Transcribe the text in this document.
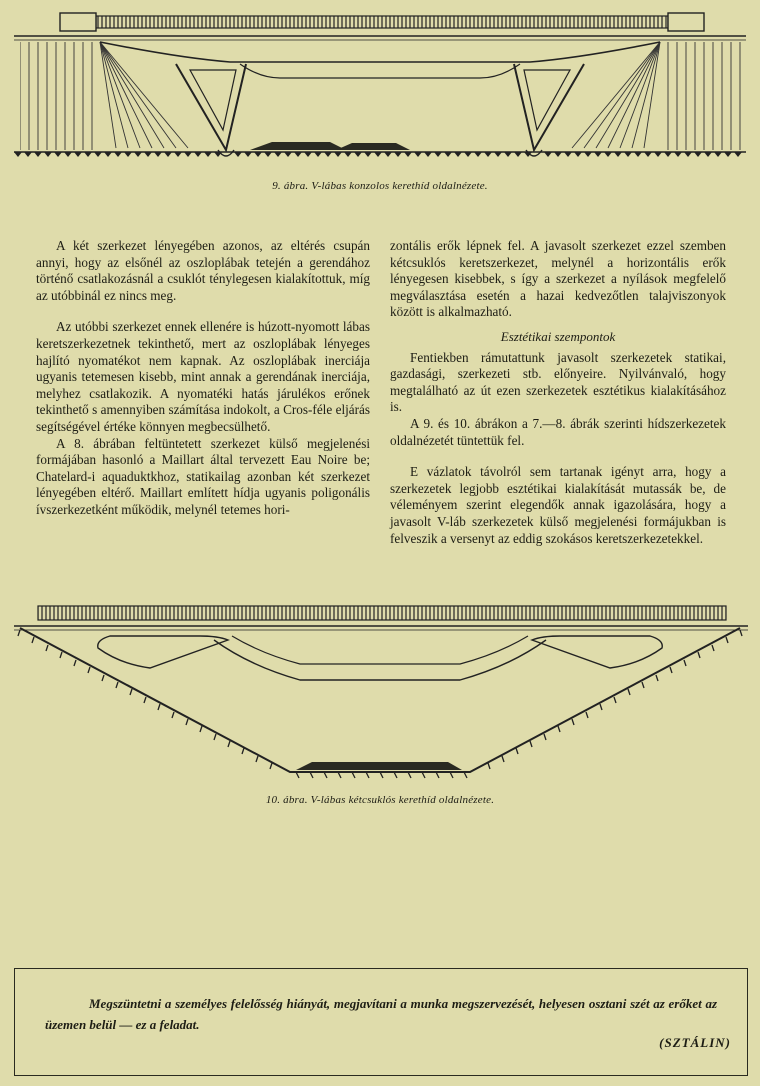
9. ábra. V-lábas konzolos kerethíd oldalnézete.

A két szerkezet lényegében azonos, az eltérés csupán annyi, hogy az elsőnél az oszloplábak tetején a gerendához történő csatlakozásnál a csuklót ténylegesen kialakítottuk, míg az utóbbinál ez nincs meg.

Az utóbbi szerkezet ennek ellenére is húzott-nyomott lábas keretszerkezetnek tekinthető, mert az oszloplábak lényeges hajlító nyomatékot nem kapnak. Az oszloplábak inerciája ugyanis tetemesen kisebb, mint annak a gerendának inerciája, melyhez csatlakozik. A nyomatéki hatás járulékos erőnek tekinthető s amennyiben számítása indokolt, a Cros-féle eljárás segítségével értéke könnyen megbecsülhető.

A 8. ábrában feltüntetett szerkezet külső megjelenési formájában hasonló a Maillart által tervezett Eau Noire be; Chatelard-i aquaduktkhoz, statikailag azonban két szerkezet lényegében eltérő. Maillart említett hídja ugyanis poligonális ívszerkezetként működik, melynél tetemes hori-

zontális erők lépnek fel. A javasolt szerkezet ezzel szemben kétcsuklós keretszerkezet, melynél a horizontális erők lényegesen kisebbek, s így a szerkezet a nyílások megfelelő megválasztása esetén a hazai kedvezőtlen talajviszonyok között is alkalmazható.

Esztétikai szempontok

Fentiekben rámutattunk javasolt szerkezetek statikai, gazdasági, szerkezeti stb. előnyeire. Nyilvánvaló, hogy megtalálható az út ezen szerkezetek esztétikus kialakításához is.

A 9. és 10. ábrákon a 7.—8. ábrák szerinti hídszerkezetek oldalnézetét tüntettük fel.

E vázlatok távolról sem tartanak igényt arra, hogy a szerkezetek legjobb esztétikai kialakítását mutassák be, de véleményem szerint elegendők annak igazolására, hogy a javasolt V-láb szerkezetek külső megjelenési formájukban is felveszik a versenyt az eddig szokásos keretszerkezetekkel.

10. ábra. V-lábas kétcsuklós kerethíd oldalnézete.
Megszüntetni a személyes felelősség hiányát, megjavítani a munka megszervezését, helyesen osztani szét az erőket az üzemen belül — ez a feladat.
(SZTÁLIN)
